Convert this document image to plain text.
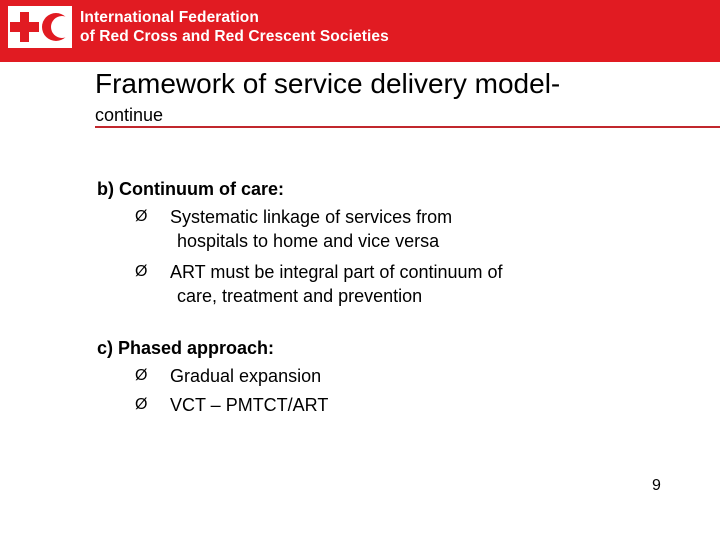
International Federation
of Red Cross and Red Crescent Societies
Framework of service delivery model-
continue
b) Continuum of care:
Ø Systematic linkage of services from
hospitals to home and vice versa
Ø ART must be integral part of continuum of
care, treatment and prevention
c) Phased approach:
Ø Gradual expansion
Ø VCT – PMTCT/ART
9
